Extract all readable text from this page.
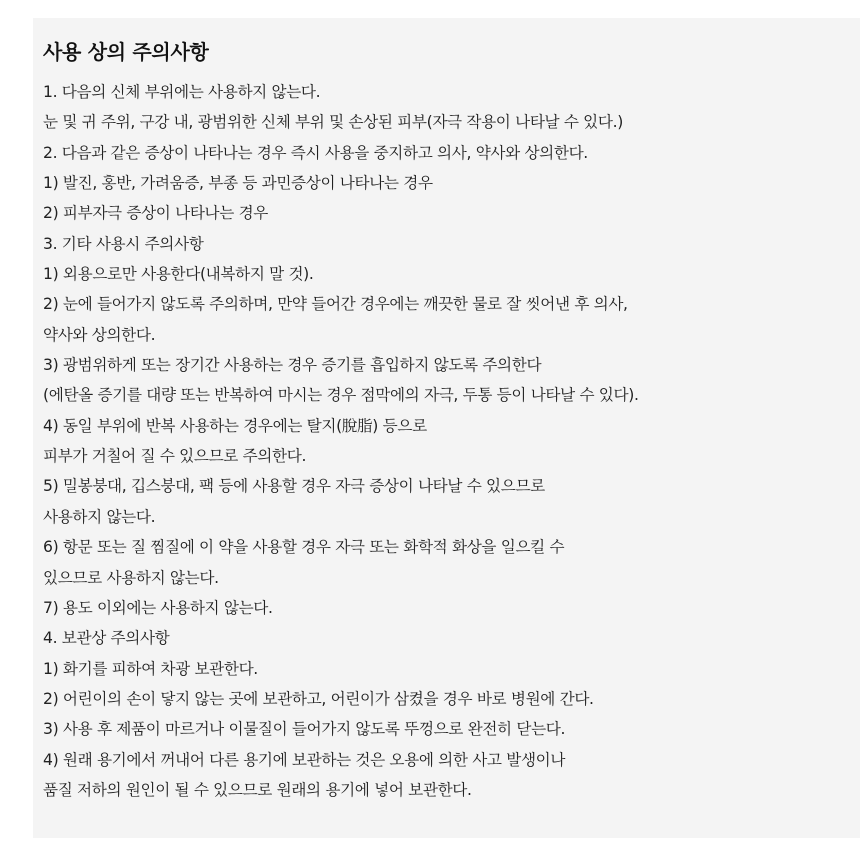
사용 상의 주의사항
1. 다음의 신체 부위에는 사용하지 않는다.
눈 및 귀 주위, 구강 내, 광범위한 신체 부위 및 손상된 피부(자극 작용이 나타날 수 있다.)
2. 다음과 같은 증상이 나타나는 경우 즉시 사용을 중지하고 의사, 약사와 상의한다.
1) 발진, 홍반, 가려움증, 부종 등 과민증상이 나타나는 경우
2) 피부자극 증상이 나타나는 경우
3. 기타 사용시 주의사항
1) 외용으로만 사용한다(내복하지 말 것).
2) 눈에 들어가지 않도록 주의하며, 만약 들어간 경우에는 깨끗한 물로 잘 씻어낸 후 의사,
약사와 상의한다.
3) 광범위하게 또는 장기간 사용하는 경우 증기를 흡입하지 않도록 주의한다
(에탄올 증기를 대량 또는 반복하여 마시는 경우 점막에의 자극, 두통 등이 나타날 수 있다).
4) 동일 부위에 반복 사용하는 경우에는 탈지(脫脂) 등으로
피부가 거칠어 질 수 있으므로 주의한다.
5) 밀봉붕대, 깁스붕대, 팩 등에 사용할 경우 자극 증상이 나타날 수 있으므로
사용하지 않는다.
6) 항문 또는 질 찜질에 이 약을 사용할 경우 자극 또는 화학적 화상을 일으킬 수
있으므로 사용하지 않는다.
7) 용도 이외에는 사용하지 않는다.
4. 보관상 주의사항
1) 화기를 피하여 차광 보관한다.
2) 어린이의 손이 닿지 않는 곳에 보관하고, 어린이가 삼켰을 경우 바로 병원에 간다.
3) 사용 후 제품이 마르거나 이물질이 들어가지 않도록 뚜껑으로 완전히 닫는다.
4) 원래 용기에서 꺼내어 다른 용기에 보관하는 것은 오용에 의한 사고 발생이나
품질 저하의 원인이 될 수 있으므로 원래의 용기에 넣어 보관한다.
